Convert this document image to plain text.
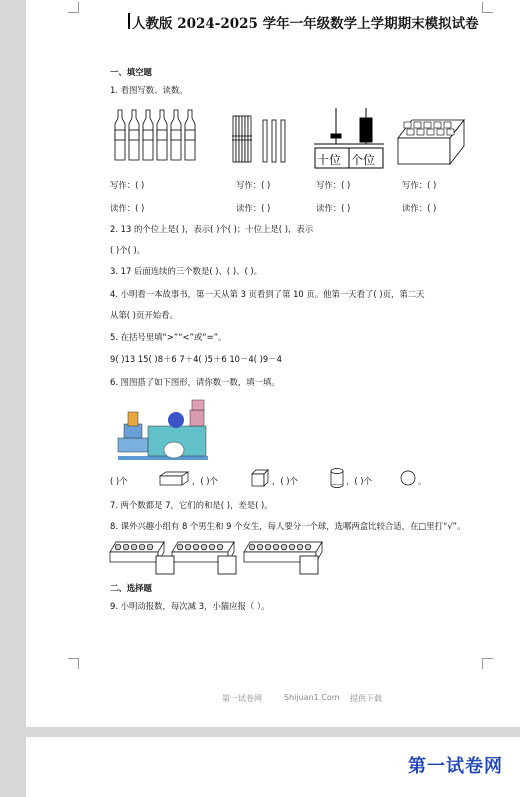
人教版 2024-2025 学年一年级数学上学期期末模拟试卷
一、填空题
1. 看图写数、读数。
十位 个位
写作：( )	写作：( )	写作：( )	写作：( )
读作：( )	读作：( )	读作：( )	读作：( )
2. 13 的个位上是( )，表示( )个( )；十位上是( )，表示
( )个( )。
3. 17 后面连续的三个数是( )、( )、( )。
4. 小明看一本故事书，第一天从第 3 页看到了第 10 页。他第一天看了( )页，第二天
从第( )页开始看。
5. 在括号里填“>”“<”或“=”。
9( )13 15( )8＋6 7＋4( )5＋6 10－4( )9－4
6. 图图搭了如下图形，请你数一数，填一填。
( )个	，( )个	，( )个	，( )个	。
7. 两个数都是 7，它们的和是( )，差是( )。
8. 课外兴趣小组有 8 个男生和 9 个女生，每人要分一个球，选哪两盒比较合适，在□里打“√”。
二、选择题
9. 小明动报数，每次减 3，小猫应报（ ）。
第一试卷网	Shijuan1.Com 提供下载
第一试卷网
